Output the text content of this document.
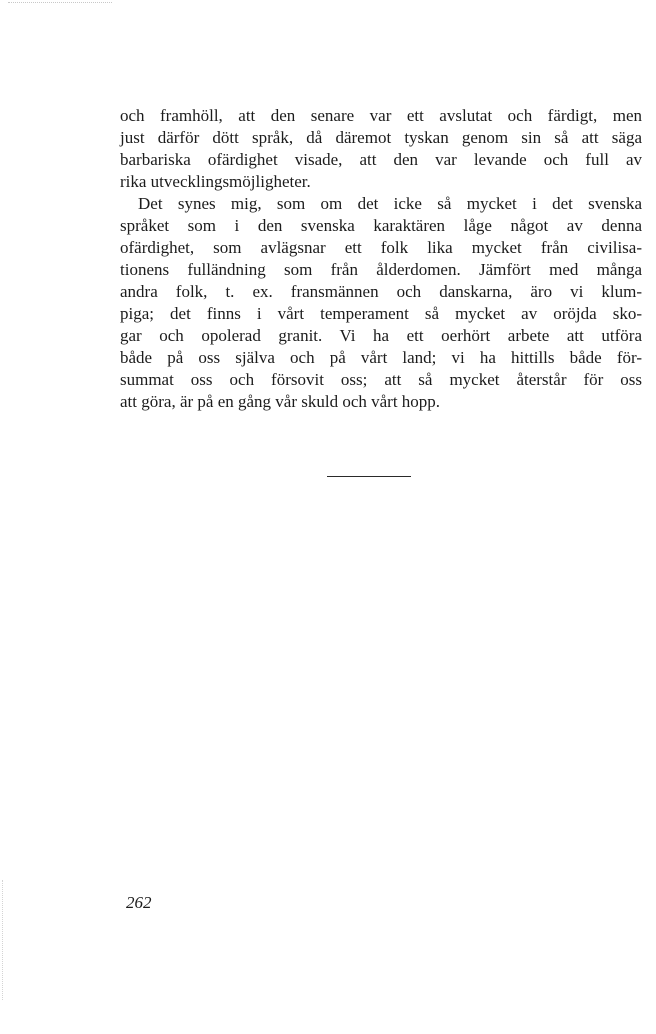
och framhöll, att den senare var ett avslutat och färdigt, men
just därför dött språk, då däremot tyskan genom sin så att säga
barbariska ofärdighet visade, att den var levande och full av
rika utvecklingsmöjligheter.
Det synes mig, som om det icke så mycket i det svenska
språket som i den svenska karaktären låge något av denna
ofärdighet, som avlägsnar ett folk lika mycket från civilisa-
tionens fulländning som från ålderdomen. Jämfört med många
andra folk, t. ex. fransmännen och danskarna, äro vi klum-
piga; det finns i vårt temperament så mycket av oröjda sko-
gar och opolerad granit. Vi ha ett oerhört arbete att utföra
både på oss själva och på vårt land; vi ha hittills både för-
summat oss och försovit oss; att så mycket återstår för oss
att göra, är på en gång vår skuld och vårt hopp.
262
